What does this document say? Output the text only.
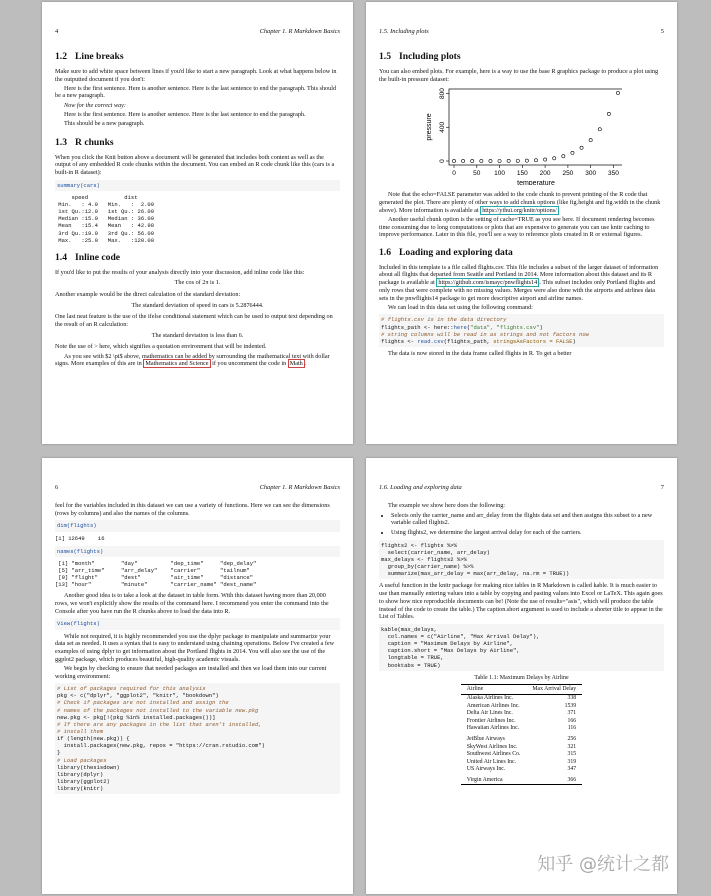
4	Chapter 1. R Markdown Basics
1.2 Line breaks

Make sure to add white space between lines if you'd like to start a new paragraph. Look at what happens below in the outputted document if you don't:

Here is the first sentence. Here is another sentence. Here is the last sentence to end the paragraph. This should be a new paragraph.

Now for the correct way:

Here is the first sentence. Here is another sentence. Here is the last sentence to end the paragraph.

This should be a new paragraph.

1.3 R chunks

When you click the Knit button above a document will be generated that includes both content as well as the output of any embedded R code chunks within the document. You can embed an R code chunk like this (cars is a built-in R dataset):

summary(cars)
speed           dist
Min.   : 4.0   Min.   :  2.00
1st Qu.:12.0   1st Qu.: 26.00
Median :15.0   Median : 36.00
Mean   :15.4   Mean   : 42.98
3rd Qu.:19.0   3rd Qu.: 56.00
Max.   :25.0   Max.   :120.00
1.4 Inline code

If you'd like to put the results of your analysis directly into your discussion, add inline code like this:

The cos of 2π is 1.

Another example would be the direct calculation of the standard deviation:

The standard deviation of speed in cars is 5.2876444.

One last neat feature is the use of the ifelse conditional statement which can be used to output text depending on the result of an R calculation:

The standard deviation is less than 6.

Note the use of > here, which signifies a quotation environment that will be indented.

As you see with $2 \pi$ above, mathematics can be added by surrounding the mathematical text with dollar signs. More examples of this are in Mathematics and Science if you uncomment the code in Math .

1.5. Including plots	5
1.5 Including plots

You can also embed plots. For example, here is a way to use the base R graphics package to produce a plot using the built-in pressure dataset:

0	50 100 150 200 250 300 350
0
400
800
temperature
pressure

Note that the echo=FALSE parameter was added to the code chunk to prevent printing of the R code that generated the plot. There are plenty of other ways to add chunk options (like fig.height and fig.width in the chunk above). More information is available at https://yihui.org/knitr/options/

Another useful chunk option is the setting of cache=TRUE as you see here. If document rendering becomes time consuming due to long computations or plots that are expensive to generate you can use knitr caching to improve performance. Later in this file, you'll see a way to reference plots created in R or external figures.

1.6 Loading and exploring data

Included in this template is a file called flights.csv. This file includes a subset of the larger dataset of information about all flights that departed from Seattle and Portland in 2014. More information about this dataset and its R package is available at https://github.com/ismayc/pnwflights14 . This subset includes only Portland flights and only rows that were complete with no missing values. Merges were also done with the airports and airlines data sets in the pnwflights14 package to get more descriptive airport and airline names.

We can load in this data set using the following command:

# flights.csv is in the data directory
flights_path <- here::here("data", "flights.csv")
# string columns will be read in as strings and not factors now
flights <- read.csv(flights_path, stringsAsFactors = FALSE)

The data is now stored in the data frame called flights in R. To get a better

6	Chapter 1. R Markdown Basics

feel for the variables included in this dataset we can use a variety of functions. Here we can see the dimensions (rows by columns) and also the names of the columns.

dim(flights)
[1] 12649    16
names(flights)
[1] "month"        "day"          "dep_time"     "dep_delay"
[5] "arr_time"     "arr_delay"    "carrier"      "tailnum"
[9] "flight"       "dest"         "air_time"     "distance"
[13] "hour"         "minute"       "carrier_name" "dest_name"

Another good idea is to take a look at the dataset in table form. With this dataset having more than 20,000 rows, we won't explicitly show the results of the command here. I recommend you enter the command into the Console after you have run the R chunks above to load the data into R.

View(flights)

While not required, it is highly recommended you use the dplyr package to manipulate and summarize your data set as needed. It uses a syntax that is easy to understand using chaining operations. Below I've created a few examples of using dplyr to get information about the Portland flights in 2014. You will also see the use of the ggplot2 package, which produces beautiful, high-quality academic visuals.

We begin by checking to ensure that needed packages are installed and then we load them into our current working environment:

# List of packages required for this analysis
pkg <- c("dplyr", "ggplot2", "knitr", "bookdown")
# Check if packages are not installed and assign the
# names of the packages not installed to the variable new.pkg
new.pkg <- pkg[!(pkg %in% installed.packages())]
# If there are any packages in the list that aren't installed,
# install them
if (length(new.pkg)) {
install.packages(new.pkg, repos = "https://cran.rstudio.com")
}
# Load packages
library(thesisdown)
library(dplyr)
library(ggplot2)
library(knitr)
1.6. Loading and exploring data	7

The example we show here does the following:

• Selects only the carrier_name and arr_delay from the flights data set and then assigns this subset to a new variable called flights2.
• Using flights2, we determine the largest arrival delay for each of the carriers.
flights2 <- flights %>%
select(carrier_name, arr_delay)
max_delays <- flights2 %>%
group_by(carrier_name) %>%
summarize(max_arr_delay = max(arr_delay, na.rm = TRUE))

A useful function in the knitr package for making nice tables in R Markdown is called kable. It is much easier to use than manually entering values into a table by copying and pasting values into Excel or LaTeX. This again goes to show how nice reproducible documents can be! (Note the use of results="asis", which will produce the table instead of the code to create the table.) The caption.short argument is used to include a shorter title to appear in the List of Tables.

kable(max_delays,
col.names = c("Airline", "Max Arrival Delay"),
caption = "Maximum Delays by Airline",
caption.short = "Max Delays by Airline",
longtable = TRUE,
booktabs = TRUE)
Table 1.1: Maximum Delays by Airline
Airline	Max Arrival Delay
Alaska Airlines Inc.	338
American Airlines Inc.	1539
Delta Air Lines Inc.	371
Frontier Airlines Inc.	166
Hawaiian Airlines Inc.	116
JetBlue Airways	256
SkyWest Airlines Inc.	321
Southwest Airlines Co.	315
United Air Lines Inc.	319
US Airways Inc.	347
Virgin America	366
知乎 @统计之都
